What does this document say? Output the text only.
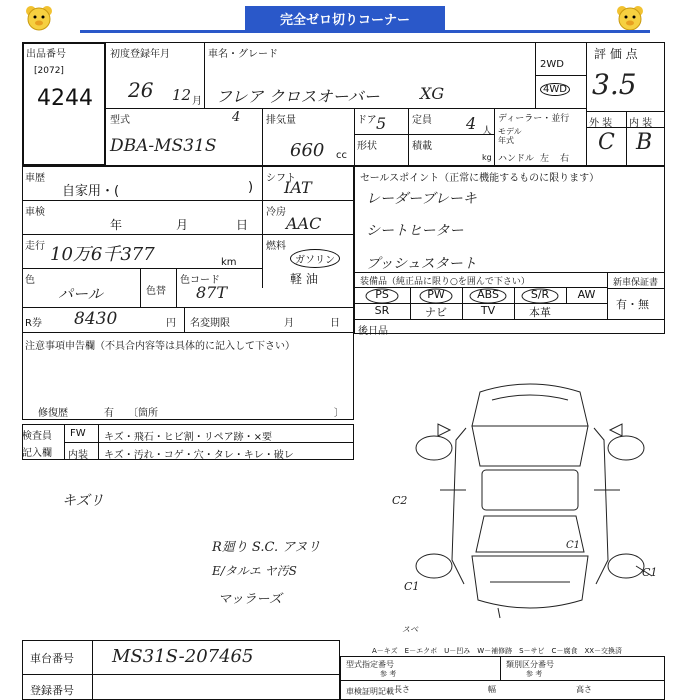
完全ゼロ切りコーナー
出品番号
[2072]
4244
初度登録年月
26 12 月
車名・グレード
フレア クロスオーバー	XG
2WD
4WD
評 価 点
3.5
外 装 内 装
C B
型式	4
DBA-MS31S
排気量
660 cc
ドア 5	定員 4 人
形状	積載
kg
ディーラー・並行
モデル 年式
ハンドル 左 右
車歴
自家用・(	)
シフト
IAT
車検
年	月	日
冷房
AAC
走行 10万6千377	km
燃料
ガソリン
軽 油
色
パール	色替
色コード
87T
R券 8430	円 名変期限	月	日
注意事項申告欄（不具合内容等は具体的に記入して下さい）
修復歴	有 〔箇所	〕
セールスポイント（正常に機能するものに限ります）
レーダーブレーキ
シートヒーター
プッシュスタート
装備品（純正品に限り○を囲んで下さい）	新車保証書
有・無
PS	PW	ABS	S/R	AW
SR	ナビ	TV	本革
後日品
検査員
記入欄
FW キズ・飛石・ヒビ割・リペア跡・×要
内装 キズ・汚れ・コゲ・穴・タレ・キレ・破レ
キズリ
R廻り S.C. アヌリ
E/タルエ ヤ汚S
マッラーズ
C2
C1
C1
C1
スベ
A－キズ　E－エクボ　U－凹み　W－補修跡　S－サビ　C－腐食　XX－交換済
車台番号 MS31S-207465
登録番号
型式指定番号
参 考
類別区分番号
参 考
車検証明記載 長さ	幅	高さ
